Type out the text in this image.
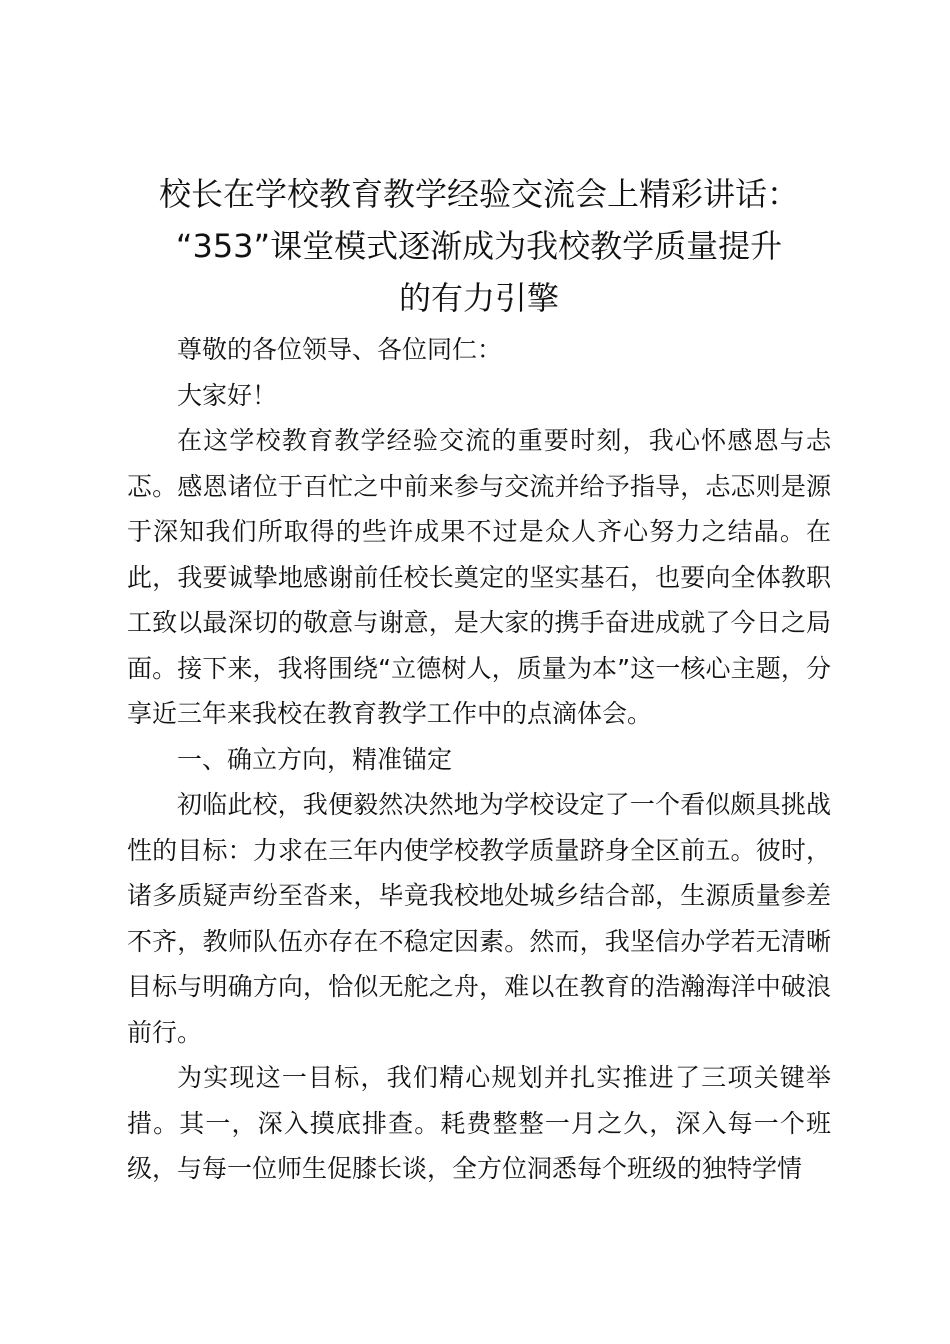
校长在学校教育教学经验交流会上精彩讲话：
“353”课堂模式逐渐成为我校教学质量提升
的有力引擎

尊敬的各位领导、各位同仁：

大家好！

在这学校教育教学经验交流的重要时刻，我心怀感恩与忐忑。感恩诸位于百忙之中前来参与交流并给予指导，忐忑则是源于深知我们所取得的些许成果不过是众人齐心努力之结晶。在此，我要诚挚地感谢前任校长奠定的坚实基石，也要向全体教职工致以最深切的敬意与谢意，是大家的携手奋进成就了今日之局面。接下来，我将围绕“立德树人，质量为本”这一核心主题，分享近三年来我校在教育教学工作中的点滴体会。

一、确立方向，精准锚定

初临此校，我便毅然决然地为学校设定了一个看似颇具挑战性的目标：力求在三年内使学校教学质量跻身全区前五。彼时，诸多质疑声纷至沓来，毕竟我校地处城乡结合部，生源质量参差不齐，教师队伍亦存在不稳定因素。然而，我坚信办学若无清晰目标与明确方向，恰似无舵之舟，难以在教育的浩瀚海洋中破浪前行。

为实现这一目标，我们精心规划并扎实推进了三项关键举措。其一，深入摸底排查。耗费整整一月之久，深入每一个班级，与每一位师生促膝长谈，全方位洞悉每个班级的独特学情
